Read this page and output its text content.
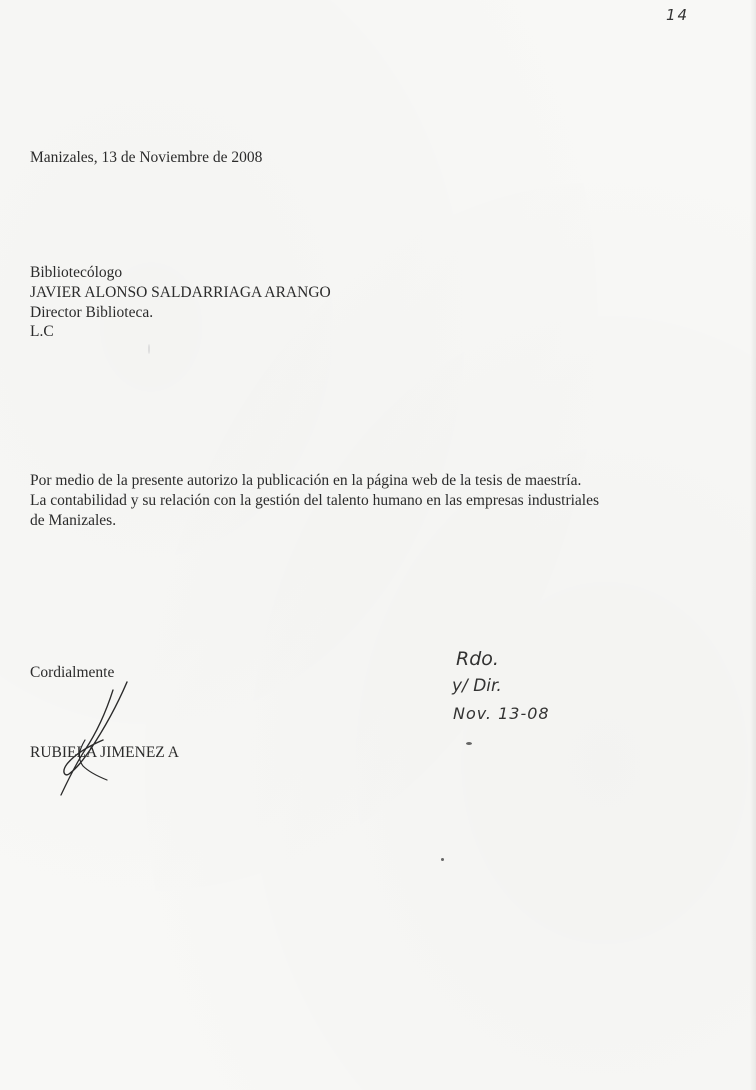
14
Manizales, 13 de Noviembre de 2008
Bibliotecólogo
JAVIER ALONSO SALDARRIAGA ARANGO
Director Biblioteca.
L.C
Por medio de la presente autorizo la publicación en la página web de la tesis de maestría.
La contabilidad y su relación con la gestión del talento humano en las empresas industriales
de Manizales.
Cordialmente
RUBIELA JIMENEZ A
Rdo.
y/ Dir.
Nov. 13-08
